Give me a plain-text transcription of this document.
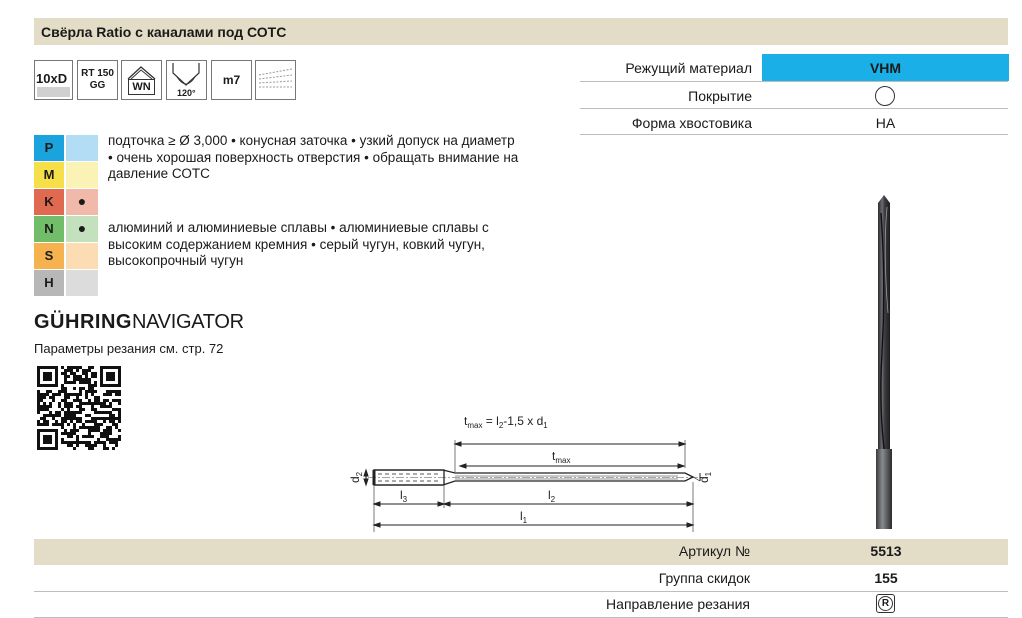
Свёрла Ratio с каналами под СОТС
10xD	RT 150
GG	WN	120°
m7
Режущий материал	VHM
Покрытие
Форма хвостовика	HA
P
M
K	●
N	●
S
H
подточка ≥ Ø 3,000 • конусная заточка • узкий допуск на диаметр
• очень хорошая поверхность отверстия • обращать внимание на
давление СОТС
алюминий и алюминиевые сплавы • алюминиевые сплавы с
высоким содержанием кремния • серый чугун, ковкий чугун,
высокопрочный чугун
GÜHRINGNAVIGATOR
Параметры резания см. стр. 72
$t_{max} = l_2-1,5$ x $d_1$
$t_{max}$
$d_2$
$d_1$
$l_3$	$l_2$
$l_1$
Артикул №	5513
Группа скидок	155
Направление резания	R
